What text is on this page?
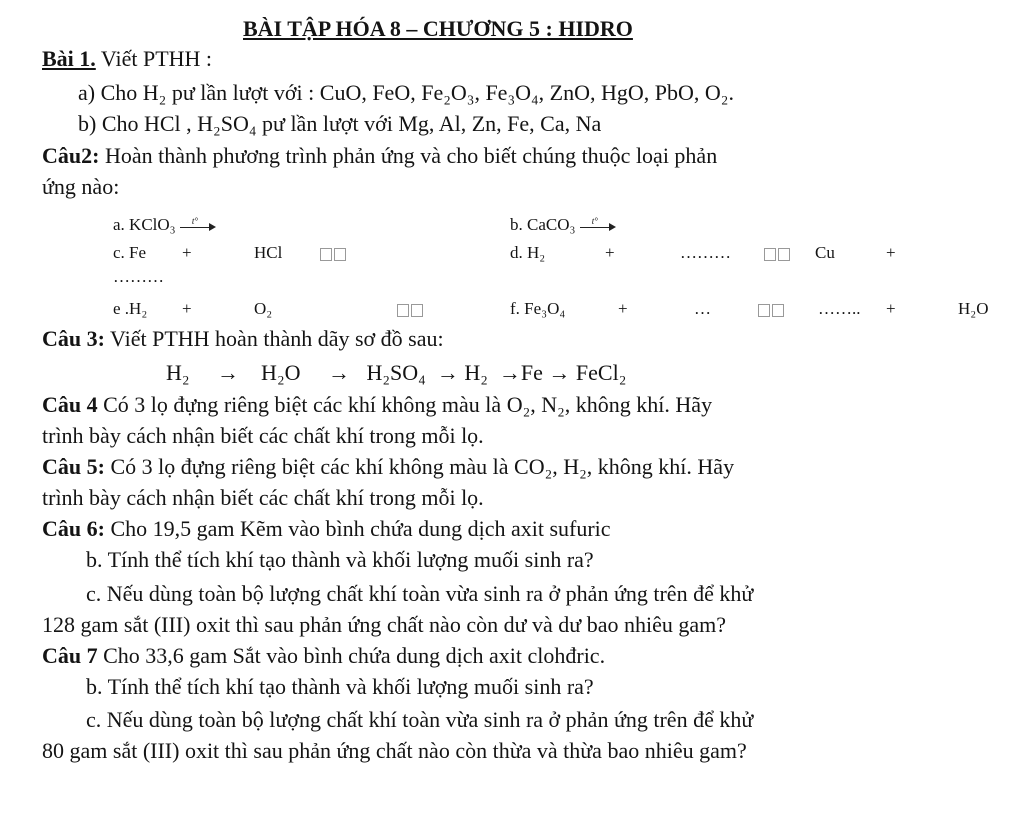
BÀI TẬP HÓA 8 – CHƯƠNG 5 : HIDRO
Bài 1. Viết PTHH :
a) Cho H₂ pư lần lượt với : CuO, FeO, Fe₂O₃, Fe₃O₄, ZnO, HgO, PbO, O₂.
b) Cho HCl , H₂SO₄ pư lần lượt với Mg, Al, Zn, Fe, Ca, Na
Câu2: Hoàn thành phương trình phản ứng và cho biết chúng thuộc loại phản
ứng nào:
a. KClO₃ t°	b. CaCO₃ t°
c. Fe +	HCl	d. H₂	+	………	Cu	+
………
e .H₂ +	O₂	f. Fe₃O₄	+	…	…….. +	H₂O
Câu 3: Viết PTHH hoàn thành dãy sơ đồ sau:
H₂     →    H₂O     →   H₂SO₄  → H₂  →Fe → FeCl₂
Câu 4 Có 3 lọ đựng riêng biệt các khí không màu là O₂, N₂, không khí. Hãy
trình bày cách nhận biết các chất khí trong mỗi lọ.
Câu 5: Có 3 lọ đựng riêng biệt các khí không màu là CO₂, H₂, không khí. Hãy
trình bày cách nhận biết các chất khí trong mỗi lọ.
Câu 6: Cho 19,5 gam Kẽm vào bình chứa dung dịch axit sufuric
b. Tính thể tích khí tạo thành và khối lượng muối sinh ra?
c. Nếu dùng toàn bộ lượng chất khí toàn vừa sinh ra ở phản ứng trên để khử
128 gam sắt (III) oxit thì sau phản ứng chất nào còn dư và dư bao nhiêu gam?
Câu 7 Cho 33,6 gam Sắt vào bình chứa dung dịch axit clohđric.
b. Tính thể tích khí tạo thành và khối lượng muối sinh ra?
c. Nếu dùng toàn bộ lượng chất khí toàn vừa sinh ra ở phản ứng trên để khử
80 gam sắt (III) oxit thì sau phản ứng chất nào còn thừa và thừa bao nhiêu gam?
